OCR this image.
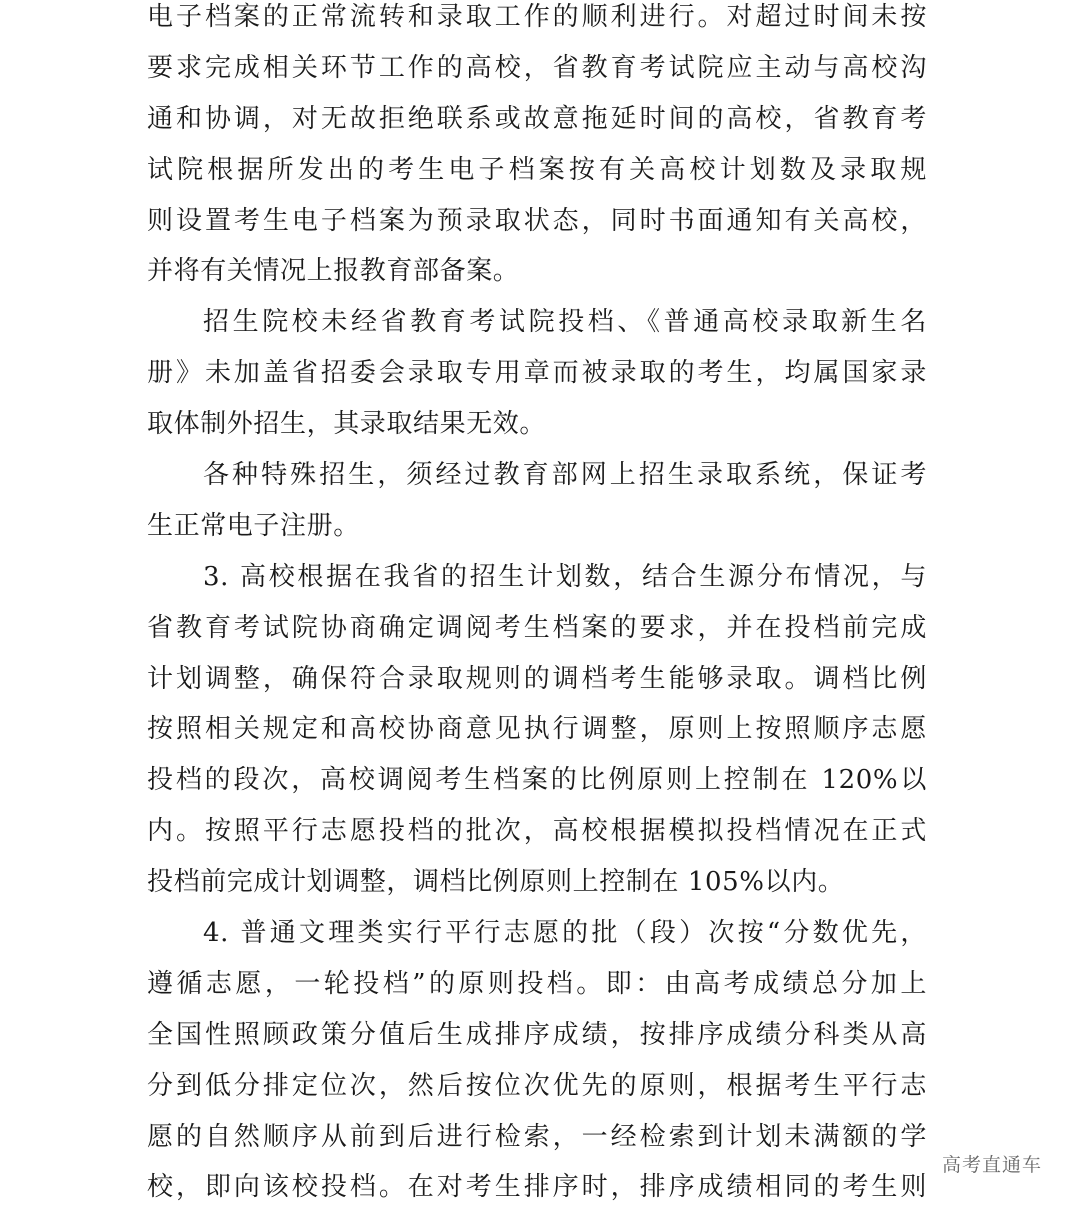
电子档案的正常流转和录取工作的顺利进行。对超过时间未按
要求完成相关环节工作的高校，省教育考试院应主动与高校沟
通和协调，对无故拒绝联系或故意拖延时间的高校，省教育考
试院根据所发出的考生电子档案按有关高校计划数及录取规
则设置考生电子档案为预录取状态，同时书面通知有关高校，
并将有关情况上报教育部备案。
招生院校未经省教育考试院投档、《普通高校录取新生名
册》未加盖省招委会录取专用章而被录取的考生，均属国家录
取体制外招生，其录取结果无效。
各种特殊招生，须经过教育部网上招生录取系统，保证考
生正常电子注册。
3. 高校根据在我省的招生计划数，结合生源分布情况，与
省教育考试院协商确定调阅考生档案的要求，并在投档前完成
计划调整，确保符合录取规则的调档考生能够录取。调档比例
按照相关规定和高校协商意见执行调整，原则上按照顺序志愿
投档的段次，高校调阅考生档案的比例原则上控制在 120%以
内。按照平行志愿投档的批次，高校根据模拟投档情况在正式
投档前完成计划调整，调档比例原则上控制在 105%以内。
4. 普通文理类实行平行志愿的批（段）次按“分数优先，
遵循志愿，一轮投档”的原则投档。即：由高考成绩总分加上
全国性照顾政策分值后生成排序成绩，按排序成绩分科类从高
分到低分排定位次，然后按位次优先的原则，根据考生平行志
愿的自然顺序从前到后进行检索，一经检索到计划未满额的学
校，即向该校投档。在对考生排序时，排序成绩相同的考生则
高考直通车
